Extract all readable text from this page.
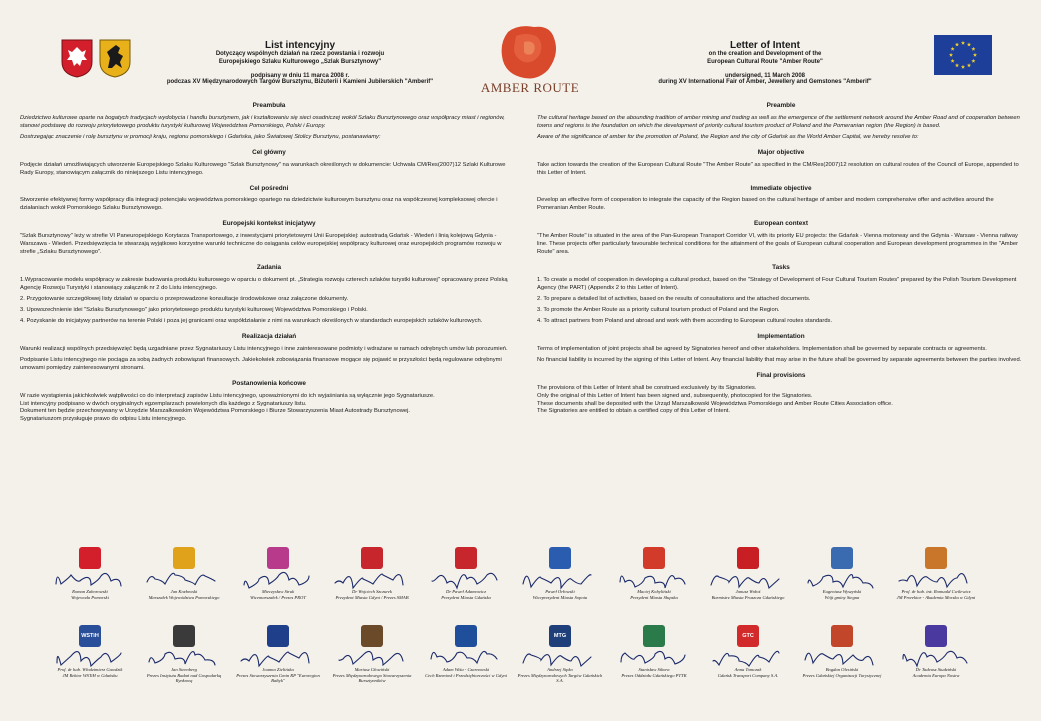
List intencyjny
Dotyczący wspólnych działań na rzecz powstania i rozwoju
Europejskiego Szlaku Kulturowego „Szlak Bursztynowy"
podpisany w dniu 11 marca 2008 r.
podczas XV Międzynarodowych Targów Bursztynu, Biżuterii i Kamieni Jubilerskich "Amberif"	AMBER ROUTE
Letter of Intent
on the creation and Development of the
European Cultural Route "Amber Route"
undersigned, 11 March 2008
during XV International Fair of Amber, Jewellery and Gemstones "Amberif"
Preambuła

Dziedzictwo kulturowe oparte na bogatych tradycjach wydobycia i handlu bursztynem, jak i kształtowaniu się sieci osadniczej wokół Szlaku Bursztynowego oraz współpracy miast i regionów, stanowi podstawę do rozwoju priorytetowego produktu turystyki kulturowej Województwa Pomorskiego, Polski i Europy.

Dostrzegając znaczenie i rolę bursztynu w promocji kraju, regionu pomorskiego i Gdańska, jako Światowej Stolicy Bursztynu, postanawiamy:

Cel główny

Podjęcie działań umożliwiających utworzenie Europejskiego Szlaku Kulturowego "Szlak Bursztynowy" na warunkach określonych w dokumencie: Uchwała CM/Res(2007)12 Szlaki Kulturowe Rady Europy, stanowiącym załącznik do niniejszego Listu intencyjnego.

Cel pośredni

Stworzenie efektywnej formy współpracy dla integracji potencjału województwa pomorskiego opartego na dziedzictwie kulturowym bursztynu oraz na współczesnej kompleksowej ofercie i działaniach wokół Pomorskiego Szlaku Bursztynowego.

Europejski kontekst inicjatywy

"Szlak Bursztynowy" leży w strefie VI Paneuropejskiego Korytarza Transportowego, z inwestycjami priorytetowymi Unii Europejskiej: autostradą Gdańsk - Wiedeń i linią kolejową Gdynia - Warszawa - Wiedeń. Przedsięwzięcia te stwarzają wyjątkowo korzystne warunki techniczne do osiągania celów europejskiej współpracy kulturowej oraz europejskich programów rozwoju w strefie „Szlaku Bursztynowego".

Zadania

1.Wypracowanie modelu współpracy w zakresie budowania produktu kulturowego w oparciu o dokument pt. „Strategia rozwoju czterech szlaków turystki kulturowej" opracowany przez Polską Agencję Rozwoju Turystyki i stanowiący załącznik nr 2 do Listu intencyjnego.

2. Przygotowanie szczegółowej listy działań w oparciu o przeprowadzone konsultacje środowiskowe oraz załączone dokumenty.

3. Upowszechnienie idei "Szlaku Bursztynowego" jako priorytetowego produktu turystyki kulturowej Województwa Pomorskiego i Polski.

4. Pozyskanie do inicjatywy partnerów na terenie Polski i poza jej granicami oraz współdziałanie z nimi na warunkach określonych w standardach europejskich szlaków kulturowych.

Realizacja działań

Warunki realizacji wspólnych przedsięwzięć będą uzgadniane przez Sygnatariuszy Listu intencyjnego i inne zainteresowane podmioty i wdrażane w ramach odrębnych umów lub porozumień.

Podpisanie Listu intencyjnego nie pociąga za sobą żadnych zobowiązań finansowych. Jakiekolwiek zobowiązania finansowe mogące się pojawić w przyszłości będą regulowane odrębnymi umowami pomiędzy zainteresowanymi stronami.

Postanowienia końcowe

W razie wystąpienia jakichkolwiek wątpliwości co do interpretacji zapisów Listu intencyjnego, upoważnionymi do ich wyjaśniania są wyłącznie jego Sygnatariusze.

List intencyjny podpisano w dwóch oryginalnych egzemplarzach powielonych dla każdego z Sygnatariuszy listu.

Dokument ten będzie przechowywany w Urzędzie Marszałkowskim Województwa Pomorskiego i Biurze Stowarzyszenia Miast Autostrady Bursztynowej.

Sygnatariuszom przysługuje prawo do odpisu Listu intencyjnego.

Preamble

The cultural heritage based on the abounding tradition of amber mining and trading as well as the emergence of the settlement network around the Amber Road and of cooperation between towns and regions is the foundation on which the development of priority cultural tourism product of Poland and the Pomeranian region (the Region) is based.

Aware of the significance of amber for the promotion of Poland, the Region and the city of Gdańsk as the World Amber Capital, we hereby resolve to:

Major objective

Take action towards the creation of the European Cultural Route "The Amber Route" as specified in the CM/Res(2007)12 resolution on cultural routes of the Council of Europe, appended to this Letter of Intent.

Immediate objective

Develop an effective form of cooperation to integrate the capacity of the Region based on the cultural heritage of amber and modern comprehensive offer and activities around the Pomeranian Amber Route.

European context

"The Amber Route" is situated in the area of the Pan-European Transport Corridor VI, with its priority EU projects: the Gdańsk - Vienna motorway and the Gdynia - Warsaw - Vienna railway line. These projects offer particularly favourable technical conditions for the attainment of the goals of European cultural cooperation and European development programmes in the "Amber Route" area.

Tasks

1. To create a model of cooperation in developing a cultural product, based on the "Strategy of Development of Four Cultural Tourism Routes" prepared by the Polish Tourism Development Agency (the PART) (Appendix 2 to this Letter of Intent).

2. To prepare a detailed list of activities, based on the results of consultations and the attached documents.

3. To promote the Amber Route as a priority cultural tourism product of Poland and the Region.

4. To attract partners from Poland and abroad and work with them according to European cultural routes standards.

Implementation

Terms of implementation of joint projects shall be agreed by Signatories hereof and other stakeholders. Implementation shall be governed by separate contracts or agreements.

No financial liability is incurred by the signing of this Letter of Intent. Any financial liability that may arise in the future shall be governed by separate agreements between the parties involved.

Final provisions

The provisions of this Letter of Intent shall be construed exclusively by its Signatories.

Only the original of this Letter of Intent has been signed and, subsequently, photocopied for the Signatories.

These documents shall be deposited with the Urząd Marszałkowski Województwa Pomorskiego and Amber Route Cities Association office.

The Signatories are entitled to obtain a certified copy of this Letter of Intent.

Roman Zaborowski
Wojewoda Pomorski
Jan Kozłowski
Marszałek Województwa Pomorskiego
Mieczysław Struk
Wicemarszałek / Prezes PROT
Dr Wojciech Szczurek
Prezydent Miasta Gdyni / Prezes SMAB
Dr Paweł Adamowicz
Prezydent Miasta Gdańska
Paweł Orłowski
Wiceprezydent Miasta Sopotu
Maciej Kobyliński
Prezydent Miasta Słupska
Janusz Wołoś
Burmistrz Miasta Pruszcza Gdańskiego
Eugeniusz Wyszyński
Wójt gminy Stegna
Prof. dr hab. inż. Romuald Cwilewicz
JM Prorektor - Akademia Morska w Gdyni
WSTiH
Prof. dr hab. Włodzimierz Gawdzik
JM Rektor WSTiH w Gdańsku
Jan Steenberg
Prezes Instytutu Badań nad Gospodarką Rynkową
Joanna Zielińska
Prezes Stowarzyszenia Gmin RP "Euroregion Bałtyk"
Mariusz Głowiński
Prezes Międzynarodowego Stowarzyszenia Bursztynników
Adam Wiśa - Czarnowski
Cech Rzemiosł i Przedsiębiorczości w Gdyni
MTG
Andrzej Sipko
Prezes Międzynarodowych Targów Gdańskich S.A.
Stanisław Sikora
Prezes Oddziału Gdańskiego PTTK
GTC
Anna Tomczak
Gdańsk Transport Company S.A.
Bogdan Olesiński
Prezes Gdańskiej Organizacji Turystycznej
Dr Tadeusz Studziński
Academia Europa Nostra
